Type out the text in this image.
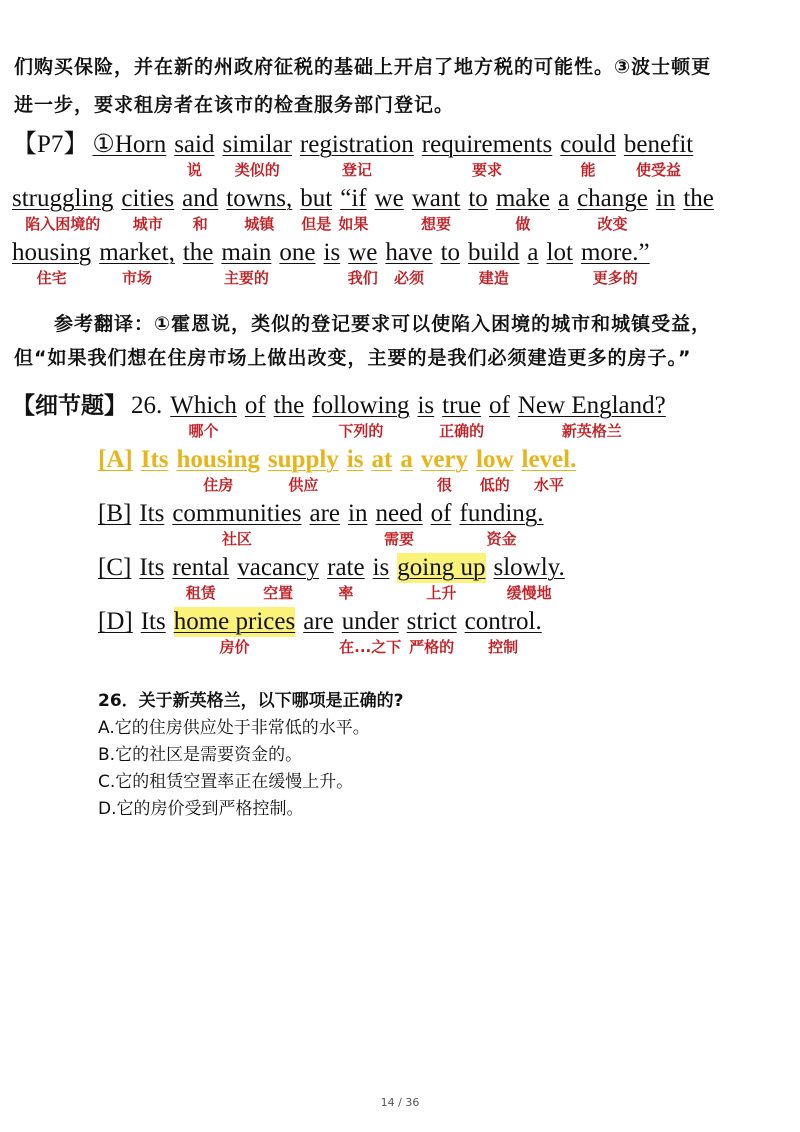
们购买保险，并在新的州政府征税的基础上开启了地方税的可能性。③波士顿更
进一步，要求租房者在该市的检查服务部门登记。
【P7】 ①Horn said
说
similar
类似的
registration
登记
requirements
要求
could
能
benefit
使受益
struggling
陷入困境的
cities
城市
and
和
towns,
城镇
but
但是
“if
如果
we want
想要
to make
做
a change
改变
in the
housing
住宅
market,
市场
the main
主要的
one is we
我们
have
必须
to build
建造
a lot more.”
更多的
参考翻译：①霍恩说，类似的登记要求可以使陷入困境的城市和城镇受益，
但“如果我们想在住房市场上做出改变，主要的是我们必须建造更多的房子。”
【细节题】 26. Which
哪个
of the following
下列的
is true
正确的
of New England?
新英格兰
[A] Its housing
住房
supply
供应
is at a very
很
low
低的
level.
水平
[B] Its communities
社区
are in need
需要
of funding.
资金
[C] Its rental
租赁
vacancy
空置
rate
率
is going up
上升
slowly.
缓慢地
[D] Its home prices
房价
are under
在...之下
strict
严格的
control.
控制
26．关于新英格兰，以下哪项是正确的?
A.它的住房供应处于非常低的水平。
B.它的社区是需要资金的。
C.它的租赁空置率正在缓慢上升。
D.它的房价受到严格控制。
14 / 36
